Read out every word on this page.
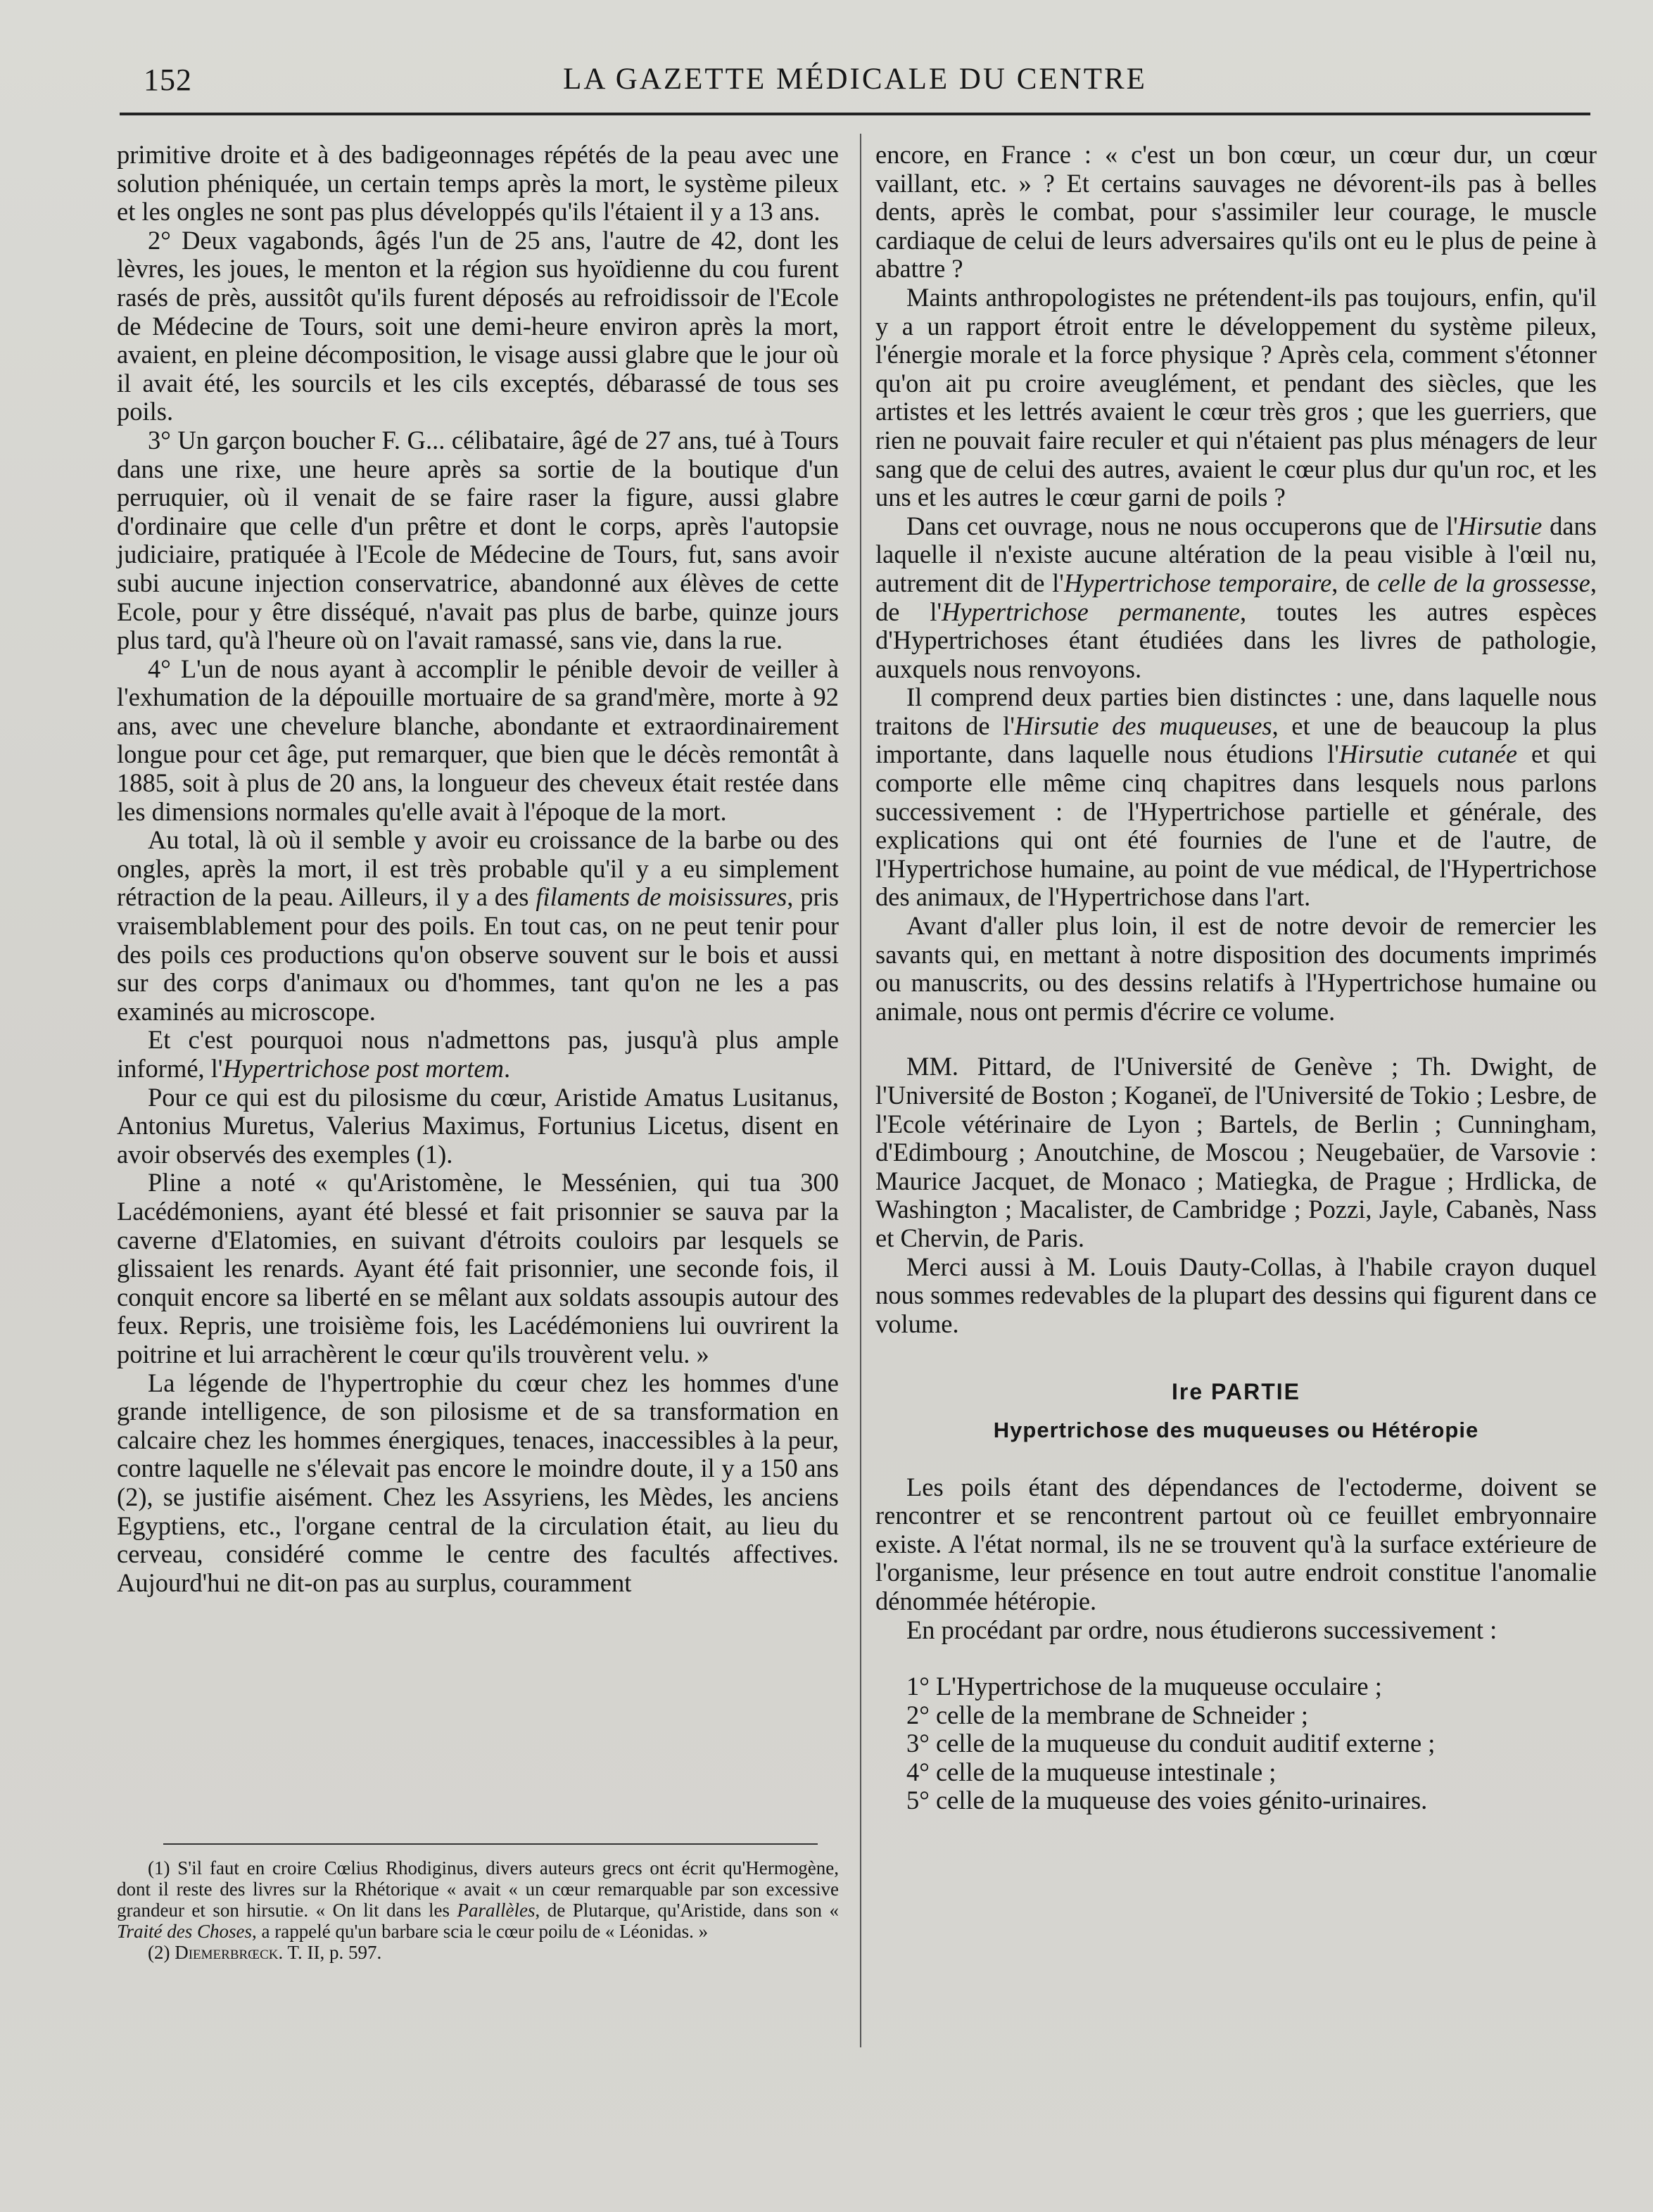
152	LA GAZETTE MÉDICALE DU CENTRE

primitive droite et à des badigeonnages répétés de la peau avec une solution phéniquée, un certain temps après la mort, le système pileux et les ongles ne sont pas plus développés qu'ils l'étaient il y a 13 ans.

2° Deux vagabonds, âgés l'un de 25 ans, l'autre de 42, dont les lèvres, les joues, le menton et la région sus hyoïdienne du cou furent rasés de près, aussitôt qu'ils furent déposés au refroidissoir de l'Ecole de Médecine de Tours, soit une demi-heure environ après la mort, avaient, en pleine décomposition, le visage aussi glabre que le jour où il avait été, les sourcils et les cils exceptés, débarassé de tous ses poils.

3° Un garçon boucher F. G... célibataire, âgé de 27 ans, tué à Tours dans une rixe, une heure après sa sortie de la boutique d'un perruquier, où il venait de se faire raser la figure, aussi glabre d'ordinaire que celle d'un prêtre et dont le corps, après l'autopsie judiciaire, pratiquée à l'Ecole de Médecine de Tours, fut, sans avoir subi aucune injection conservatrice, abandonné aux élèves de cette Ecole, pour y être disséqué, n'avait pas plus de barbe, quinze jours plus tard, qu'à l'heure où on l'avait ramassé, sans vie, dans la rue.

4° L'un de nous ayant à accomplir le pénible devoir de veiller à l'exhumation de la dépouille mortuaire de sa grand'mère, morte à 92 ans, avec une chevelure blanche, abondante et extraordinairement longue pour cet âge, put remarquer, que bien que le décès remontât à 1885, soit à plus de 20 ans, la longueur des cheveux était restée dans les dimensions normales qu'elle avait à l'époque de la mort.

Au total, là où il semble y avoir eu croissance de la barbe ou des ongles, après la mort, il est très probable qu'il y a eu simplement rétraction de la peau. Ailleurs, il y a des filaments de moisissures, pris vraisemblablement pour des poils. En tout cas, on ne peut tenir pour des poils ces productions qu'on observe souvent sur le bois et aussi sur des corps d'animaux ou d'hommes, tant qu'on ne les a pas examinés au microscope.

Et c'est pourquoi nous n'admettons pas, jusqu'à plus ample informé, l'Hypertrichose post mortem.

Pour ce qui est du pilosisme du cœur, Aristide Amatus Lusitanus, Antonius Muretus, Valerius Maximus, Fortunius Licetus, disent en avoir observés des exemples (1).

Pline a noté « qu'Aristomène, le Messénien, qui tua 300 Lacédémoniens, ayant été blessé et fait prisonnier se sauva par la caverne d'Elatomies, en suivant d'étroits couloirs par lesquels se glissaient les renards. Ayant été fait prisonnier, une seconde fois, il conquit encore sa liberté en se mêlant aux soldats assoupis autour des feux. Repris, une troisième fois, les Lacédémoniens lui ouvrirent la poitrine et lui arrachèrent le cœur qu'ils trouvèrent velu. »

La légende de l'hypertrophie du cœur chez les hommes d'une grande intelligence, de son pilosisme et de sa transformation en calcaire chez les hommes énergiques, tenaces, inaccessibles à la peur, contre laquelle ne s'élevait pas encore le moindre doute, il y a 150 ans (2), se justifie aisément. Chez les Assyriens, les Mèdes, les anciens Egyptiens, etc., l'organe central de la circulation était, au lieu du cerveau, considéré comme le centre des facultés affectives. Aujourd'hui ne dit-on pas au surplus, couramment

(1) S'il faut en croire Cœlius Rhodiginus, divers auteurs grecs ont écrit qu'Hermogène, dont il reste des livres sur la Rhétorique « avait « un cœur remarquable par son excessive grandeur et son hirsutie. « On lit dans les Parallèles, de Plutarque, qu'Aristide, dans son « Traité des Choses, a rappelé qu'un barbare scia le cœur poilu de « Léonidas. »

(2) Diemerbrœck. T. II, p. 597.

encore, en France : « c'est un bon cœur, un cœur dur, un cœur vaillant, etc. » ? Et certains sauvages ne dévorent-ils pas à belles dents, après le combat, pour s'assimiler leur courage, le muscle cardiaque de celui de leurs adversaires qu'ils ont eu le plus de peine à abattre ?

Maints anthropologistes ne prétendent-ils pas toujours, enfin, qu'il y a un rapport étroit entre le développement du système pileux, l'énergie morale et la force physique ? Après cela, comment s'étonner qu'on ait pu croire aveuglément, et pendant des siècles, que les artistes et les lettrés avaient le cœur très gros ; que les guerriers, que rien ne pouvait faire reculer et qui n'étaient pas plus ménagers de leur sang que de celui des autres, avaient le cœur plus dur qu'un roc, et les uns et les autres le cœur garni de poils ?

Dans cet ouvrage, nous ne nous occuperons que de l'Hirsutie dans laquelle il n'existe aucune altération de la peau visible à l'œil nu, autrement dit de l'Hypertrichose temporaire, de celle de la grossesse, de l'Hypertrichose permanente, toutes les autres espèces d'Hypertrichoses étant étudiées dans les livres de pathologie, auxquels nous renvoyons.

Il comprend deux parties bien distinctes : une, dans laquelle nous traitons de l'Hirsutie des muqueuses, et une de beaucoup la plus importante, dans laquelle nous étudions l'Hirsutie cutanée et qui comporte elle même cinq chapitres dans lesquels nous parlons successivement : de l'Hypertrichose partielle et générale, des explications qui ont été fournies de l'une et de l'autre, de l'Hypertrichose humaine, au point de vue médical, de l'Hypertrichose des animaux, de l'Hypertrichose dans l'art.

Avant d'aller plus loin, il est de notre devoir de remercier les savants qui, en mettant à notre disposition des documents imprimés ou manuscrits, ou des dessins relatifs à l'Hypertrichose humaine ou animale, nous ont permis d'écrire ce volume.

MM. Pittard, de l'Université de Genève ; Th. Dwight, de l'Université de Boston ; Koganeï, de l'Université de Tokio ; Lesbre, de l'Ecole vétérinaire de Lyon ; Bartels, de Berlin ; Cunningham, d'Edimbourg ; Anoutchine, de Moscou ; Neugebaüer, de Varsovie : Maurice Jacquet, de Monaco ; Matiegka, de Prague ; Hrdlicka, de Washington ; Macalister, de Cambridge ; Pozzi, Jayle, Cabanès, Nass et Chervin, de Paris.

Merci aussi à M. Louis Dauty-Collas, à l'habile crayon duquel nous sommes redevables de la plupart des dessins qui figurent dans ce volume.

Ire PARTIE

Hypertrichose des muqueuses ou Hétéropie

Les poils étant des dépendances de l'ectoderme, doivent se rencontrer et se rencontrent partout où ce feuillet embryonnaire existe. A l'état normal, ils ne se trouvent qu'à la surface extérieure de l'organisme, leur présence en tout autre endroit constitue l'anomalie dénommée hétéropie.

En procédant par ordre, nous étudierons successivement :

1° L'Hypertrichose de la muqueuse occulaire ;

2° celle de la membrane de Schneider ;

3° celle de la muqueuse du conduit auditif externe ;

4° celle de la muqueuse intestinale ;

5° celle de la muqueuse des voies génito-urinaires.
